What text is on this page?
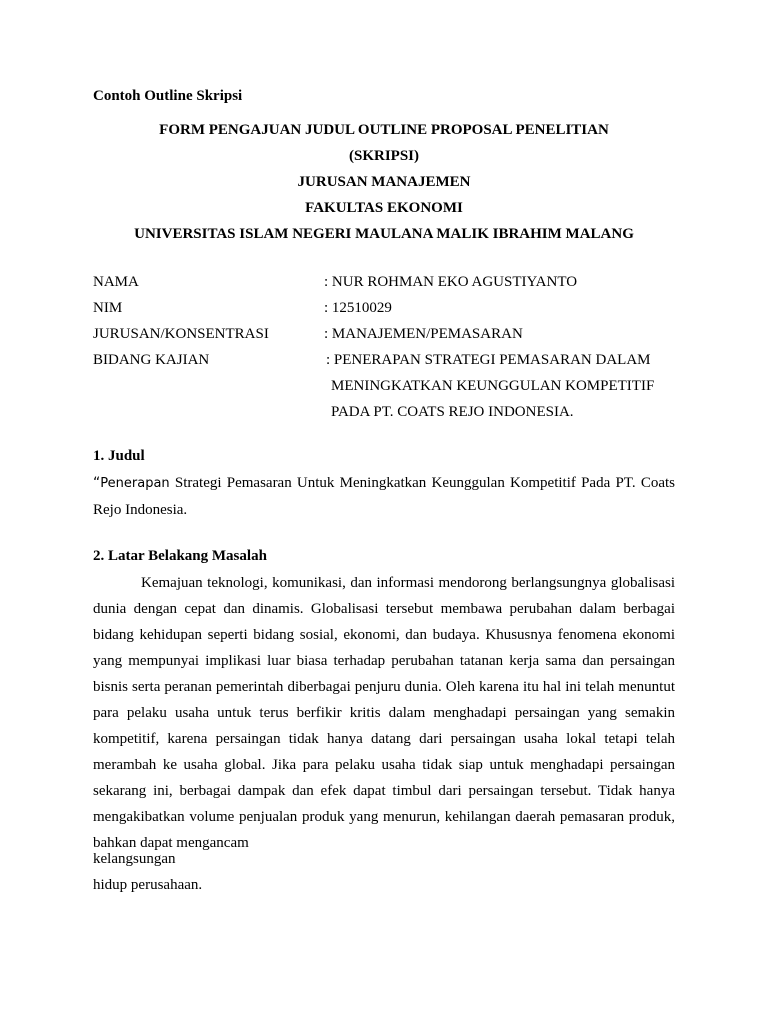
Contoh Outline Skripsi
FORM PENGAJUAN JUDUL OUTLINE PROPOSAL PENELITIAN
(SKRIPSI)
JURUSAN MANAJEMEN
FAKULTAS EKONOMI
UNIVERSITAS ISLAM NEGERI MAULANA MALIK IBRAHIM MALANG
NAMA	: NUR ROHMAN EKO AGUSTIYANTO
NIM	: 12510029
JURUSAN/KONSENTRASI	: MANAJEMEN/PEMASARAN
BIDANG KAJIAN	: PENERAPAN STRATEGI PEMASARAN DALAM
MENINGKATKAN KEUNGGULAN KOMPETITIF
PADA PT. COATS REJO INDONESIA.
1. Judul
“Penerapan Strategi Pemasaran Untuk Meningkatkan Keunggulan Kompetitif Pada PT. Coats Rejo Indonesia.
2. Latar Belakang Masalah
Kemajuan teknologi, komunikasi, dan informasi mendorong berlangsungnya globalisasi dunia dengan cepat dan dinamis. Globalisasi tersebut membawa perubahan dalam berbagai bidang kehidupan seperti bidang sosial, ekonomi, dan budaya. Khususnya fenomena ekonomi yang mempunyai implikasi luar biasa terhadap perubahan tatanan kerja sama dan persaingan bisnis serta peranan pemerintah diberbagai penjuru dunia. Oleh karena itu hal ini telah menuntut para pelaku usaha untuk terus berfikir kritis dalam menghadapi persaingan yang semakin kompetitif, karena persaingan tidak hanya datang dari persaingan usaha lokal tetapi telah merambah ke usaha global. Jika para pelaku usaha tidak siap untuk menghadapi persaingan sekarang ini, berbagai dampak dan efek dapat timbul dari persaingan tersebut. Tidak hanya mengakibatkan volume penjualan produk yang menurun, kehilangan daerah pemasaran produk, bahkan dapat mengancam
kelangsungan
hidup perusahaan.
